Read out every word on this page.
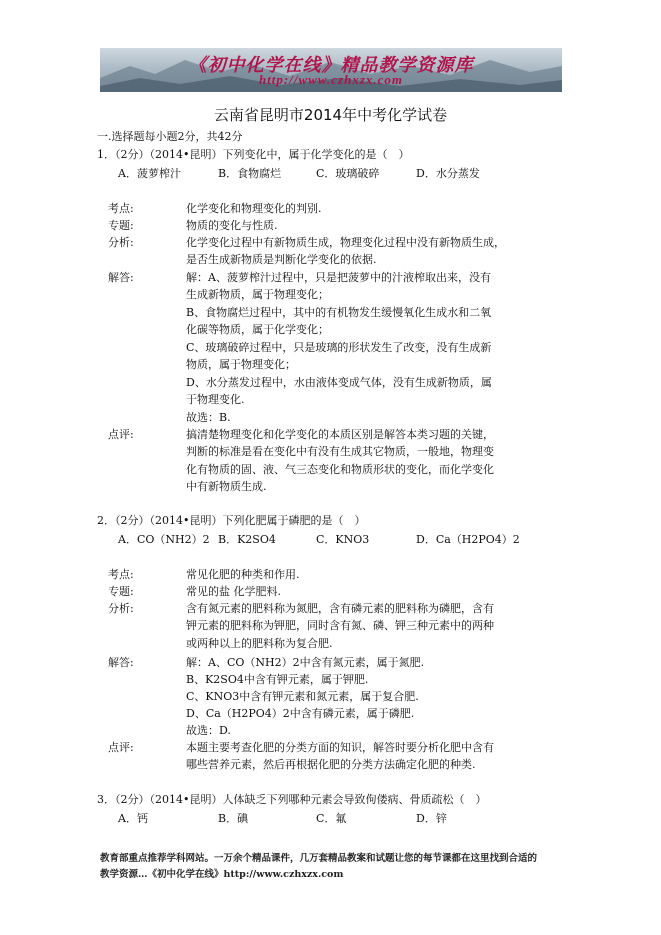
《初中化学在线》精品教学资源库
http://www.czhxzx.com
云南省昆明市2014年中考化学试卷
一.选择题每小题2分，共42分
1．（2分）（2014•昆明）下列变化中，属于化学变化的是（　）
A．菠萝榨汁	B．食物腐烂	C．玻璃破碎	D．水分蒸发
考点:	化学变化和物理变化的判别.
专题:	物质的变化与性质.
分析:	化学变化过程中有新物质生成，物理变化过程中没有新物质生成，
是否生成新物质是判断化学变化的依据.
解答:	解：A、菠萝榨汁过程中，只是把菠萝中的汁液榨取出来，没有
生成新物质，属于物理变化；
B、食物腐烂过程中，其中的有机物发生缓慢氧化生成水和二氧
化碳等物质，属于化学变化；
C、玻璃破碎过程中，只是玻璃的形状发生了改变，没有生成新
物质，属于物理变化；
D、水分蒸发过程中，水由液体变成气体，没有生成新物质，属
于物理变化.
故选：B.
点评:	搞清楚物理变化和化学变化的本质区别是解答本类习题的关键，
判断的标准是看在变化中有没有生成其它物质，一般地，物理变
化有物质的固、液、气三态变化和物质形状的变化，而化学变化
中有新物质生成.
2．（2分）（2014•昆明）下列化肥属于磷肥的是（　）
A．CO（NH2）2 B．K2SO4	C．KNO3	D．Ca（H2PO4）2
考点:	常见化肥的种类和作用.
专题:	常见的盐 化学肥料.
分析:	含有氮元素的肥料称为氮肥，含有磷元素的肥料称为磷肥，含有
钾元素的肥料称为钾肥，同时含有氮、磷、钾三种元素中的两种
或两种以上的肥料称为复合肥.
解答:	解：A、CO（NH2）2中含有氮元素，属于氮肥.
B、K2SO4中含有钾元素，属于钾肥.
C、KNO3中含有钾元素和氮元素，属于复合肥.
D、Ca（H2PO4）2中含有磷元素，属于磷肥.
故选：D.
点评:	本题主要考查化肥的分类方面的知识，解答时要分析化肥中含有
哪些营养元素，然后再根据化肥的分类方法确定化肥的种类.
3．（2分）（2014•昆明）人体缺乏下列哪种元素会导致佝偻病、骨质疏松（　）
A．钙	B．碘	C．氟	D．锌
教育部重点推荐学科网站。一万余个精品课件，几万套精品教案和试题让您的每节课都在这里找到合适的
教学资源…《初中化学在线》http://www.czhxzx.com
